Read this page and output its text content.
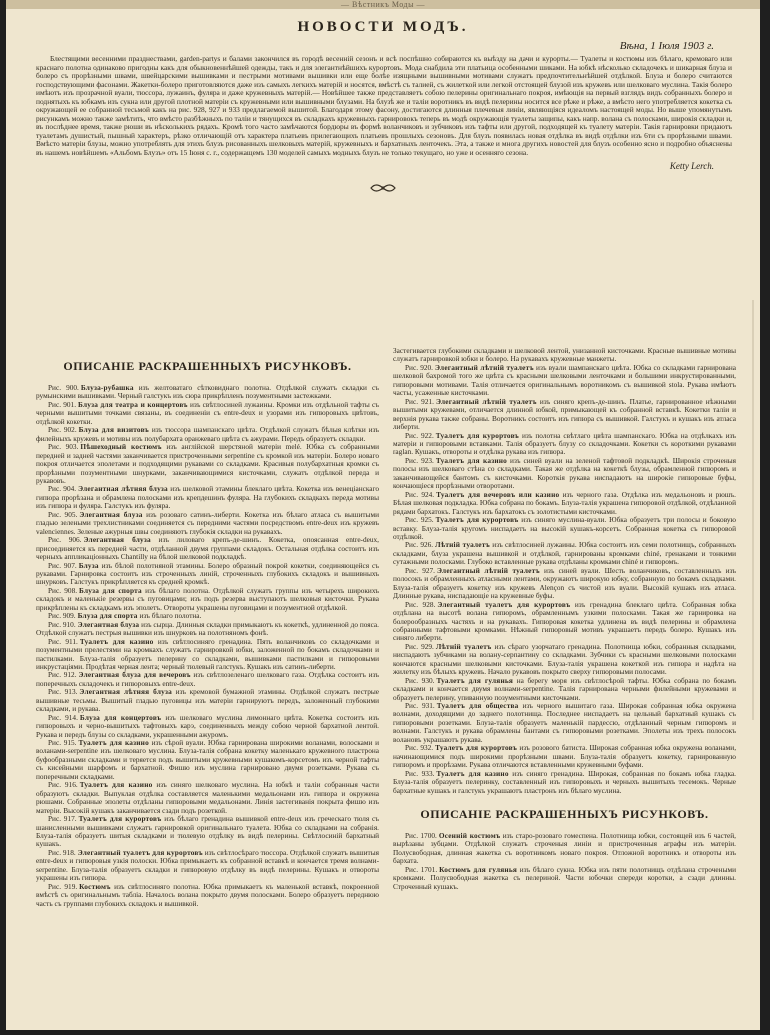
— Вѣстникъ Моды —
НОВОСТИ МОДЪ.
Вѣна, 1 Іюля 1903 г.

Блестящими весенними празднествами, garden-partys и балами закончился въ городѣ весенній сезонъ и всѣ поспѣшно собираются къ выѣзду на дачи и курорты.— Туалеты и костюмы изъ бѣлаго, кремоваго или краснаго полотна одинаково пригодны какъ для обыкновеннѣйшей одежды, такъ и для элегантнѣйшихъ курортовъ. Мода снабдила эти платьица особенными шиками. На юбкѣ нѣсколько складочекъ и шикарная блуза и болеро съ прорѣзными швами, швейцарскими вышивками и пестрыми мотивами вышивки или еще болѣе изящными вышивными мотивами служатъ предпочтительнѣйшей отдѣлкой. Блуза и болеро считаются господствующими фасонами. Жакетки-болеро приготовляются даже изъ самыхъ легкихъ матерій и носятся, вмѣстѣ съ талией, съ жилеткой или легкой отстоящей блузой изъ кружевъ или шелковаго муслина. Такія болеро имѣютъ изъ прозрачной вуали, тюссора, лужаинъ, фуляра и даже кружевныхъ матерій.— Новѣйшее также представляетъ собою пелерины оригинальнаго покроя, имѣющія на первый взглядъ видъ собранныхъ болеро и поднятыхъ къ юбкамъ изъ сукна или другой плотной матеріи съ кружевными или вышивными блузами. На блузѣ же и таліи воротникъ въ видѣ пелерины носится все рѣже и рѣже, а вмѣсто него употребляется кокетка съ окружающей ее собранной тесьмой какъ на рис. 928, 927 и 933 предлагаемой вышитой. Благодаря этому фасону, достигаются длинныя плечевыя линіи, являющіяся идеаломъ настоящей моды. Но выше упомянутымъ рисункамъ можно также замѣтить, что вмѣсто разбѣжныхъ по таліи и тянущихся въ складкахъ кружевныхъ гарнировокъ теперь въ модѣ окружающія туалеты защипы, какъ напр. волана съ полосками, широкія складки и, въ послѣднее время, также рюши въ нѣсколькихъ рядахъ. Кромѣ того часто замѣчаются бордюры въ формѣ воланчиковъ и зубчиковъ изъ тафты или другой, подходящей къ туалету матеріи. Такія гарнировки придаютъ туалетамъ душистый, пышный характеръ, рѣзко отличающій отъ характера платьевъ прилегающихъ платьевъ прошлыхъ сезоновъ. Для блузъ появилась новая отдѣлка въ видѣ отдѣлки изъ 6ти съ прорѣзными швами. Вмѣсто матеріи блузы, можно употреблять для этихъ блузъ рисованныхъ шелковыхъ матерій, кружевныхъ и бархатныхъ ленточекъ. Эта, а также и многа другихъ новостей для блузъ особенно ясно и подробно объяснены въ нашемъ новѣйшемъ «Альбомъ Блузъ» отъ 15 Іюня с. г., содержащемъ 130 моделей самыхъ модныхъ блузъ не только текущаго, но уже и осенняго сезона.

Ketty Lerch.
ОПИСАНІЕ РАСКРАШЕННЫХЪ РИСУНКОВЪ.

Рис. 900. Блуза-рубашка изъ желтоватаго сѣтковиднаго полотна. Отдѣлкой служатъ складки съ румынскими вышивками. Черный галстукъ изъ сюра прикрѣпленъ позументными застежками.

Рис. 901. Блуза для театра и концертовъ изъ свѣтлосиней лужаины. Кромки изъ отдѣльной тафты съ черными вышитыми точками связаны, въ соединеніи съ entre-deux и узорами изъ гипюровыхъ цвѣтовъ, отдѣлкой кокетки.

Рис. 902. Блуза для визитовъ изъ тюссора шампанскаго цвѣта. Отдѣлкой служатъ бѣлыя клѣтки изъ филейныхъ кружевъ и мотивы изъ полубархата оранжеваго цвѣта съ ажурами. Передъ образуетъ складки.

Рис. 903. Пѣшеходный костюмъ изъ англійской шерстяной матеріи melé. Юбка съ собранными передней и задней частями заканчивается пристроченными serpentine съ кромкой изъ матеріи. Болеро новаго покроя отличается эполетами и подходящими рукавами со складками. Красивыя полубархатныя кромки съ прорѣзными позументными шнурками, заканчивающимися кисточками, служатъ отдѣлкой переда и рукавовъ.

Рис. 904. Элегантная лѣтняя блуза изъ шелковой этамины блеклаго цвѣта. Кокетка изъ венеціанскаго гипюра прорѣзана и обрамлена полосками изъ крепдешинъ фуляра. На глубокихъ складкахъ переда мотивы изъ гипюра и фуляра. Галстукъ изъ фуляра.

Рис. 905. Элегантная блуза изъ розоваго сатинъ-либерти. Кокетка изъ бѣлаго атласа съ вышитыми гладью зелеными трехлистниками соединяется съ передними частями посредствомъ entre-deux изъ кружевъ valenciennes. Зеленые ажурныя швы соединяютъ глубокія складки на рукавахъ.

Рис. 906. Элегантная блуза изъ лиловаго крепъ-де-шинъ. Кокетка, опоясанная entre-deux, присоединяется къ передней части, отдѣланной двумя группами складокъ. Остальная отдѣлка состоитъ изъ черныхъ аппликаціонныхъ Chantilly на бѣлой шелковой подкладкѣ.

Рис. 907. Блуза изъ бѣлой полотняной этамины. Болеро образный покрой кокетки, соединяющейся съ рукавами. Гарнировка состоитъ изъ строченныхъ линій, строченныхъ глубокихъ складокъ и вышивныхъ шнурковъ. Галстукъ прикрѣпляется къ средней кромкѣ.

Рис. 908. Блуза для спорта изъ бѣлаго полотна. Отдѣлкой служатъ группы изъ четырехъ широкихъ складокъ и маленькіе резервы съ пуговицами; изъ подъ резерва выступаютъ шелковыя кисточки. Рукава прикрѣплены къ складкамъ изъ эполетъ. Отвороты украшены пуговицами и позументной отдѣлкой.

Рис. 909. Блуза для спорта изъ бѣлаго полотна.

Рис. 910. Элегантная блуза изъ сырца. Длинныя складки примыкаютъ къ кокеткѣ, удлиненной до пояса. Отдѣлкой служатъ пестрыя вышивки изъ шнурковъ на полотняномъ фонѣ.

Рис. 911. Туалетъ для казино изъ свѣтлосиняго гренадина. Пять воланчиковъ со складочками и позументными прелестями на кромкахъ служатъ гарнировкой юбки, заложенной по бокамъ складочками и пастилками. Блуза-талія образуетъ пелерину со складками, вышивками пастилками и гипюровыми инкрустаціями. Продѣтая черная лента; черный тюлевый галстукъ. Кушакъ изъ сатинъ-либерти.

Рис. 912. Элегантная блуза для вечеровъ изъ свѣтлозеленаго шелковаго газа. Отдѣлка состоитъ изъ поперечныхъ складочекъ и гипюровыхъ entre-deux.

Рис. 913. Элегантная лѣтняя блуза изъ кремовой бумажной этамины. Отдѣлкой служатъ пестрые вышивные тесьмы. Вышитый гладью пуговицы изъ матеріи гарнируютъ передъ, заложенный глубокими складками, и рукава.

Рис. 914. Блуза для концертовъ изъ шелковаго муслина лимоннаго цвѣта. Кокетка состоитъ изъ гипюровыхъ и черно-вышитыхъ тафтовыхъ карэ, соединенныхъ между собою черной бархатной лентой. Рукава и передъ блузы со складками, украшенными ажуромъ.

Рис. 915. Туалетъ для казино изъ сѣрой вуали. Юбка гарнирована широкими воланами, волосками и воланами-serpentine изъ шелковаго муслина. Блуза-талія собрана кокетку маленькаго кружевного пластрона буфообразными складками и теряется подъ вышитыми кружевными кушакомъ-корсетомъ изъ черной тафты съ кисейными шарфомъ и бархатной. Фишю изъ муслина гарнировано двумя розетками. Рукава съ поперечными складками.

Рис. 916. Туалетъ для казино изъ синяго шелковаго муслина. На юбкѣ и таліи собранныя части образуютъ складки. Выпуклая отдѣлка составляется маленькими медальонами изъ гипюра и окружена рюшами. Собранные эполеты отдѣланы гипюровыми медальонами. Линія застегиванія покрыта фишю изъ матеріи. Высокій кушакъ заканчивается сзади подъ розеткой.

Рис. 917. Туалетъ для курортовъ изъ бѣлаго гренадина вышивкой entre-deux изъ греческаго тюля съ шанисленными вышивками служатъ гарнировкой оригинальнаго туалета. Юбка со складками на собранія. Блуза-талія образуетъ шитыя складками и тюлевую отдѣлку въ видѣ пелерины. Свѣтлосиній бархатный кушакъ.

Рис. 918. Элегантный туалетъ для курортовъ изъ свѣтлосѣраго тюссора. Отдѣлкой служатъ вышитыя entre-deux и гипюровыя узкія полоски. Юбка примыкаетъ къ собранной вставкѣ и кончается тремя волнами-serpentine. Блуза-талія образуетъ складки и гипюровую отдѣлку въ видѣ пелерины. Кушакъ и отвороты украшены изъ гипюра.

Рис. 919. Костюмъ изъ свѣтлосиняго полотна. Юбка примыкаетъ къ маленькой вставкѣ, покроенной вмѣстѣ съ оригинальнымъ табліа. Началось волана покрыто двумя полосками. Болеро образуетъ переднюю часть съ группами глубокихъ складокъ и вышивкой.

Застегивается глубокими складками и шелковой лентой, унизанной кисточками. Красные вышивные мотивы служатъ гарнировкой юбки и болеро. На рукавахъ кружевные манжеты.

Рис. 920. Элегантный лѣтній туалетъ изъ вуали шампанскаго цвѣта. Юбка со складками гарнирована шелковой бахромой того же цвѣта съ красными шелковыми ленточками и большими инкрустированными, гипюровыми мотивами. Талія отличается оригинальнымъ воротникомъ съ вышивкой stola. Рукава имѣютъ часты, усаженные кисточками.

Рис. 921. Элегантный лѣтній туалетъ изъ синяго крепъ-де-шинъ. Платье, гарнированное нѣжными вышитыми кружевами, отличается длинной юбкой, примыкающей къ собранной вставкѣ. Кокетки таліи и верхнія рукава также собраны. Воротникъ состоитъ изъ гипюра съ вышивкой. Галстукъ и кушакъ изъ атласа либерти.

Рис. 922. Туалетъ для курортовъ изъ полотна свѣтлаго цвѣта шампанскаго. Юбка на отдѣлкахъ изъ матеріи и гипюровыми вставками. Талія образуетъ блузу со складочками. Кокетки съ короткими рукавами raglan. Кушакъ, отвороты и отдѣлка рукава изъ гипюра.

Рис. 923. Туалетъ для казино изъ синей вуали на зеленой тафтовой подкладкѣ. Широкія строченыя полосы изъ шелковаго стѣна со складками. Такая же отдѣлка на кокеткѣ блузы, обрамленной гипюромъ и заканчивающейся бантомъ съ кисточками. Короткія рукава ниспадаютъ на широкіе гипюровые буфы, кончающіеся прорѣзными отворотами.

Рис. 924. Туалетъ для вечеровъ или казино изъ черного газа. Отдѣлка изъ медальоновъ и рюшъ. Бѣлая шелковая подкладка. Юбка собрана по бокамъ. Блуза-талія украшена гипюровой отдѣлкой, отдѣланной рядами бархатокъ. Галстукъ изъ бархатокъ съ золотистыми кисточками.

Рис. 925. Туалетъ для курортовъ изъ синяго муслина-вуали. Юбка образуетъ три полосы и боковую вставку. Блуза-талія кругомъ ниспадаетъ на высокій кушакъ-корсетъ. Собранная кокетка съ гипюровой отдѣлкой.

Рис. 926. Лѣтній туалетъ изъ свѣтлосиней лужаины. Юбка состоитъ изъ семи полотнищъ, собранныхъ складками, блуза украшена вышивкой и отдѣлкой, гарнированы кромками chiné, гренаками и тонкими сутажными полосками. Глубоко вставленные рукава отдѣланы кромками chiné и гипюромъ.

Рис. 927. Элегантный лѣтній туалетъ изъ синей вуали. Шесть воланчиковъ, составленныхъ изъ полосокъ и обрамленныхъ атласными лентами, окружаютъ широкую юбку, собранную по бокамъ складками. Блуза-талія образуетъ кокетку изъ кружевъ Alençon съ чистой изъ вуали. Высокій кушакъ изъ атласа. Длинные рукава, ниспадающіе на кружевные буфы.

Рис. 928. Элегантный туалетъ для курортовъ изъ гренадина блеклаго цвѣта. Собранная юбка отдѣлана на высотѣ волана гипюромъ, обрамленнымъ узкими полосками. Такая же гарнировка на болерообразныхъ частяхъ и на рукавахъ. Гипюровая кокетка удлинена въ видѣ пелерины и обрамлена собранными тафтовыми кромками. Нѣжный гипюровый мотивъ украшаетъ передъ болеро. Кушакъ изъ синяго либерти.

Рис. 929. Лѣтній туалетъ изъ сѣраго узорчатаго гренадина. Полотнища юбки, собранныя складками, ниспадаютъ зубчиками на волану-серпантину со складками. Зубчики съ красными шелковыми полосками кончаются красными шелковыми кисточками. Блуза-талія украшена кокеткой изъ гипюра и надѣта на жилетку изъ бѣлыхъ кружевъ. Начало рукавовъ покрыто сверху гипюровыми полосами.

Рис. 930. Туалетъ для гулянья на берегу моря изъ свѣтлосѣрой тафты. Юбка собрана по бокамъ складками и кончается двумя волнами-serpentine. Талія гарнирована черными филейными кружевами и образуетъ пелерину, упиванную позументными кисточками.

Рис. 931. Туалетъ для общества изъ черного вышитаго газа. Широкая собранная юбка окружена волнами, доходящими до заднего полотнища. Последнее ниспадаетъ на цельный бархатный кушакъ съ гипюровыми розетками. Блуза-талія образуетъ маленькій пардессю, отдѣланный черным гипюромъ и волнами. Галстукъ и рукава обрамлены бантами съ гипюровыми розетками. Эполеты изъ трехъ полосокъ волановъ украшаютъ рукава.

Рис. 932. Туалетъ для курортовъ изъ розового батиста. Широкая собранная юбка окружена воланами, начинающимися подъ широкими прорѣзными швами. Блуза-талія образуетъ кокетку, гарнированную гипюромъ и прорѣзами. Рукава отличаются вставленными кружевными буфами.

Рис. 933. Туалетъ для казино изъ синяго гренадина. Широкая, собранная по бокамъ юбка гладка. Блуза-талія образуетъ пелеринку, составленный изъ гипюровыхъ и черныхъ вышитыхъ тесемокъ. Черные бархатные кушакъ и галстукъ украшаютъ пластронъ изъ бѣлаго муслина.

ОПИСАНІЕ РАСКРАШЕННЫХЪ РИСУНКОВЪ.

Рис. 1700. Осенній костюмъ изъ старо-розоваго гомеспена. Полотнища юбки, состоящей изъ 6 частей, вырѣзаны зубцами. Отдѣлкой служатъ строченыя линіи и пристроченныя аграфы изъ матеріи. Полусвободная, длинная жакетка съ воротникомъ новаго покроя. Отложной воротникъ и отвороты изъ бархата.

Рис. 1701. Костюмъ для гулянья изъ бѣлаго сукна. Юбка изъ пяти полотнищъ отдѣлана строчеными кромками. Полусвободная жакетка съ пелериной. Части юбочки спереди коротки, а сзади длинны. Строченный кушакъ.
